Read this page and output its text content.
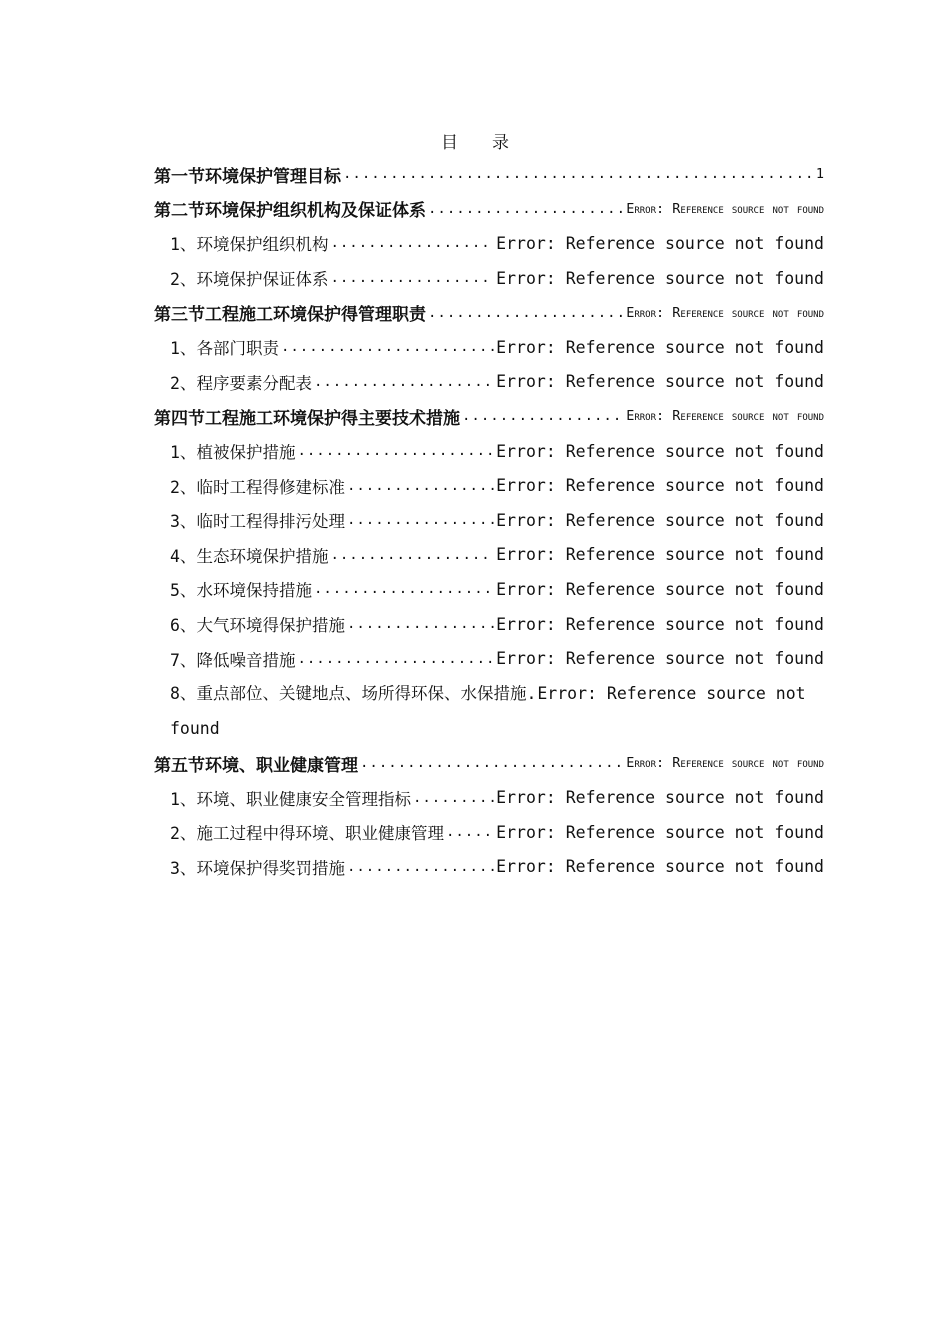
目 录
第一节 环境保护管理目标 .....	1
第二节 环境保护组织机构及保证体系 .....	Error: Reference source not found
1、 环境保护组织机构 .....	Error: Reference source not found
2、 环境保护保证体系 .....	Error: Reference source not found
第三节 工程施工环境保护得管理职责 .....	Error: Reference source not found
1、 各部门职责 .....	Error: Reference source not found
2、 程序要素分配表 .....	Error: Reference source not found
第四节 工程施工环境保护得主要技术措施 .....	Error: Reference source not found
1、 植被保护措施 .....	Error: Reference source not found
2、 临时工程得修建标准 .....	Error: Reference source not found
3、 临时工程得排污处理 .....	Error: Reference source not found
4、 生态环境保护措施 .....	Error: Reference source not found
5、 水环境保持措施 .....	Error: Reference source not found
6、 大气环境得保护措施 .....	Error: Reference source not found
7、 降低噪音措施 .....	Error: Reference source not found
8、重点部位、关键地点、场所得环保、水保措施.Error: Reference source not found
第五节 环境、职业健康管理 .....	Error: Reference source not found
1、 环境、职业健康安全管理指标 .....	Error: Reference source not found
2、 施工过程中得环境、职业健康管理 .....	Error: Reference source not found
3、 环境保护得奖罚措施 .....	Error: Reference source not found
